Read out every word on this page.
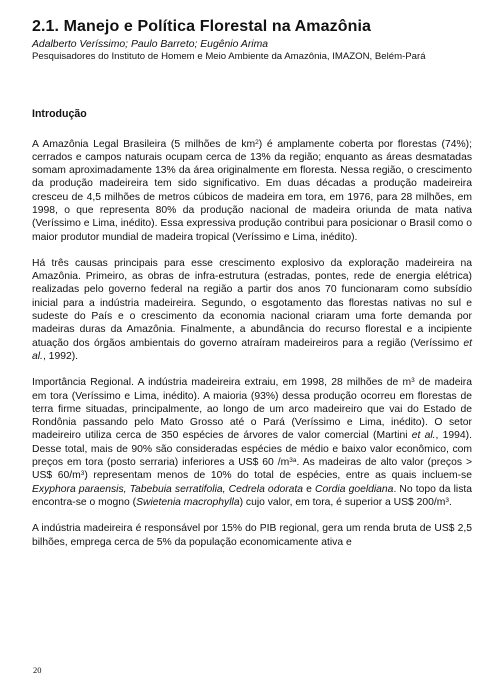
2.1. Manejo e Política Florestal na Amazônia

Adalberto Veríssimo; Paulo Barreto; Eugênio Arima

Pesquisadores do Instituto de Homem e Meio Ambiente da Amazônia, IMAZON, Belém-Pará

Introdução

A Amazônia Legal Brasileira (5 milhões de $km^2$) é amplamente coberta por florestas (74%); cerrados e campos naturais ocupam cerca de 13% da região; enquanto as áreas desmatadas somam aproximadamente 13% da área originalmente em floresta. Nessa região, o crescimento da produção madeireira tem sido significativo. Em duas décadas a produção madeireira cresceu de 4,5 milhões de metros cúbicos de madeira em tora, em 1976, para 28 milhões, em 1998, o que representa 80% da produção nacional de madeira oriunda de mata nativa (Veríssimo e Lima, inédito). Essa expressiva produção contribui para posicionar o Brasil como o maior produtor mundial de madeira tropical (Veríssimo e Lima, inédito).

Há três causas principais para esse crescimento explosivo da exploração madeireira na Amazônia. Primeiro, as obras de infra-estrutura (estradas, pontes, rede de energia elétrica) realizadas pelo governo federal na região a partir dos anos 70 funcionaram como subsídio inicial para a indústria madeireira. Segundo, o esgotamento das florestas nativas no sul e sudeste do País e o crescimento da economia nacional criaram uma forte demanda por madeiras duras da Amazônia. Finalmente, a abundância do recurso florestal e a incipiente atuação dos órgãos ambientais do governo atraíram madeireiros para a região (Veríssimo et al., 1992).

Importância Regional. A indústria madeireira extraiu, em 1998, 28 milhões de $m^3$ de madeira em tora (Veríssimo e Lima, inédito). A maioria (93%) dessa produção ocorreu em florestas de terra firme situadas, principalmente, ao longo de um arco madeireiro que vai do Estado de Rondônia passando pelo Mato Grosso até o Pará (Veríssimo e Lima, inédito). O setor madeireiro utiliza cerca de 350 espécies de árvores de valor comercial (Martini et al., 1994). Desse total, mais de 90% são consideradas espécies de médio e baixo valor econômico, com preços em tora (posto serraria) inferiores a US$ 60 $/m^{3a}$. As madeiras de alto valor (preços > US$ $60/m^3$) representam menos de 10% do total de espécies, entre as quais incluem-se Exyphora paraensis, Tabebuia serratifolia, Cedrela odorata e Cordia goeldiana. No topo da lista encontra-se o mogno (Swietenia macrophylla) cujo valor, em tora, é superior a US$ $200/m^3$.

A indústria madeireira é responsável por 15% do PIB regional, gera um renda bruta de US$ 2,5 bilhões, emprega cerca de 5% da população economicamente ativa e

20
